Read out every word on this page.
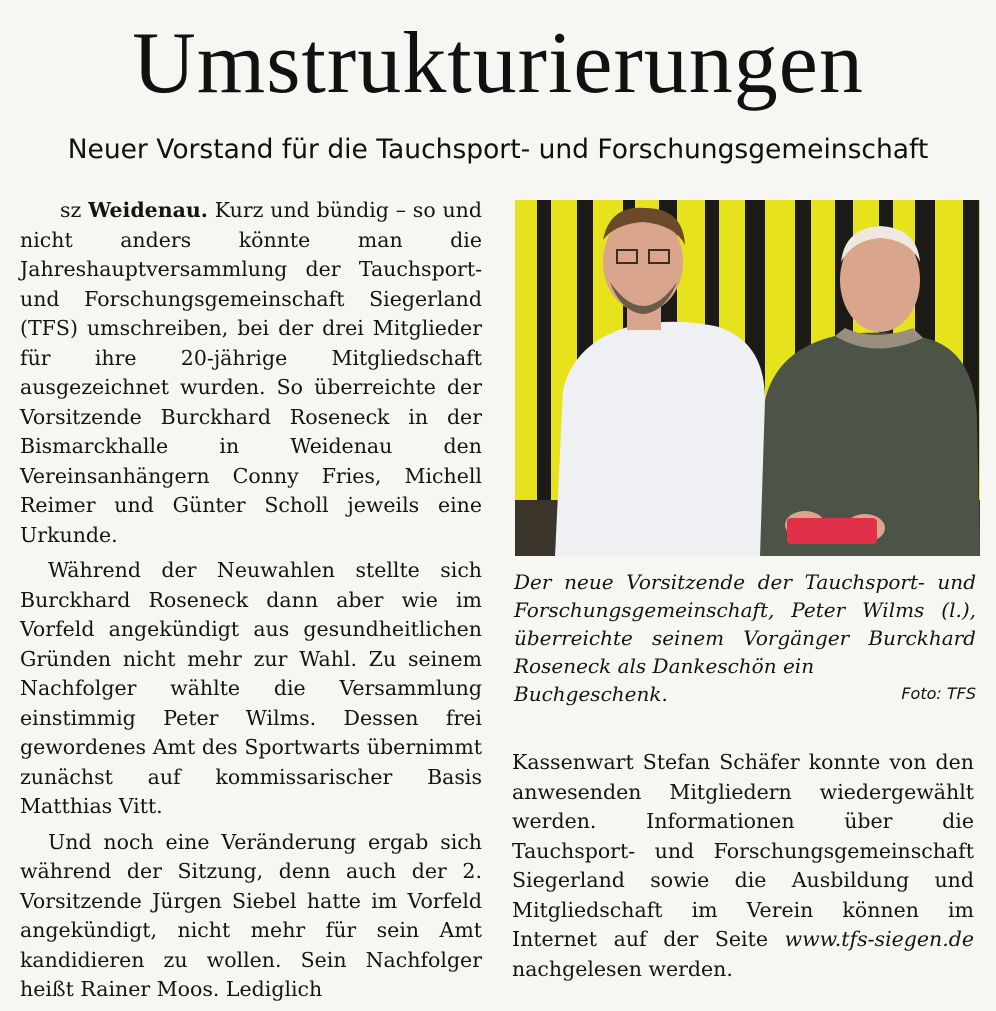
Umstrukturierungen
Neuer Vorstand für die Tauchsport- und Forschungsgemeinschaft

sz Weidenau. Kurz und bündig – so und nicht anders könnte man die Jahreshauptversammlung der Tauchsport- und Forschungsgemeinschaft Siegerland (TFS) umschreiben, bei der drei Mitglieder für ihre 20-jährige Mitgliedschaft ausgezeichnet wurden. So überreichte der Vorsitzende Burckhard Roseneck in der Bismarckhalle in Weidenau den Vereinsanhängern Conny Fries, Michell Reimer und Günter Scholl jeweils eine Urkunde.

Während der Neuwahlen stellte sich Burckhard Roseneck dann aber wie im Vorfeld angekündigt aus gesundheitlichen Gründen nicht mehr zur Wahl. Zu seinem Nachfolger wählte die Versammlung einstimmig Peter Wilms. Dessen frei gewordenes Amt des Sportwarts übernimmt zunächst auf kommissarischer Basis Matthias Vitt.

Und noch eine Veränderung ergab sich während der Sitzung, denn auch der 2. Vorsitzende Jürgen Siebel hatte im Vorfeld angekündigt, nicht mehr für sein Amt kandidieren zu wollen. Sein Nachfolger heißt Rainer Moos. Lediglich

Der neue Vorsitzende der Tauchsport- und Forschungsgemeinschaft, Peter Wilms (l.), überreichte seinem Vorgänger Burckhard Roseneck als Dankeschön ein
Buchgeschenk.	Foto: TFS

Kassenwart Stefan Schäfer konnte von den anwesenden Mitgliedern wiedergewählt werden. Informationen über die Tauchsport- und Forschungsgemeinschaft Siegerland sowie die Ausbildung und Mitgliedschaft im Verein können im Internet auf der Seite www.tfs-siegen.de nachgelesen werden.
